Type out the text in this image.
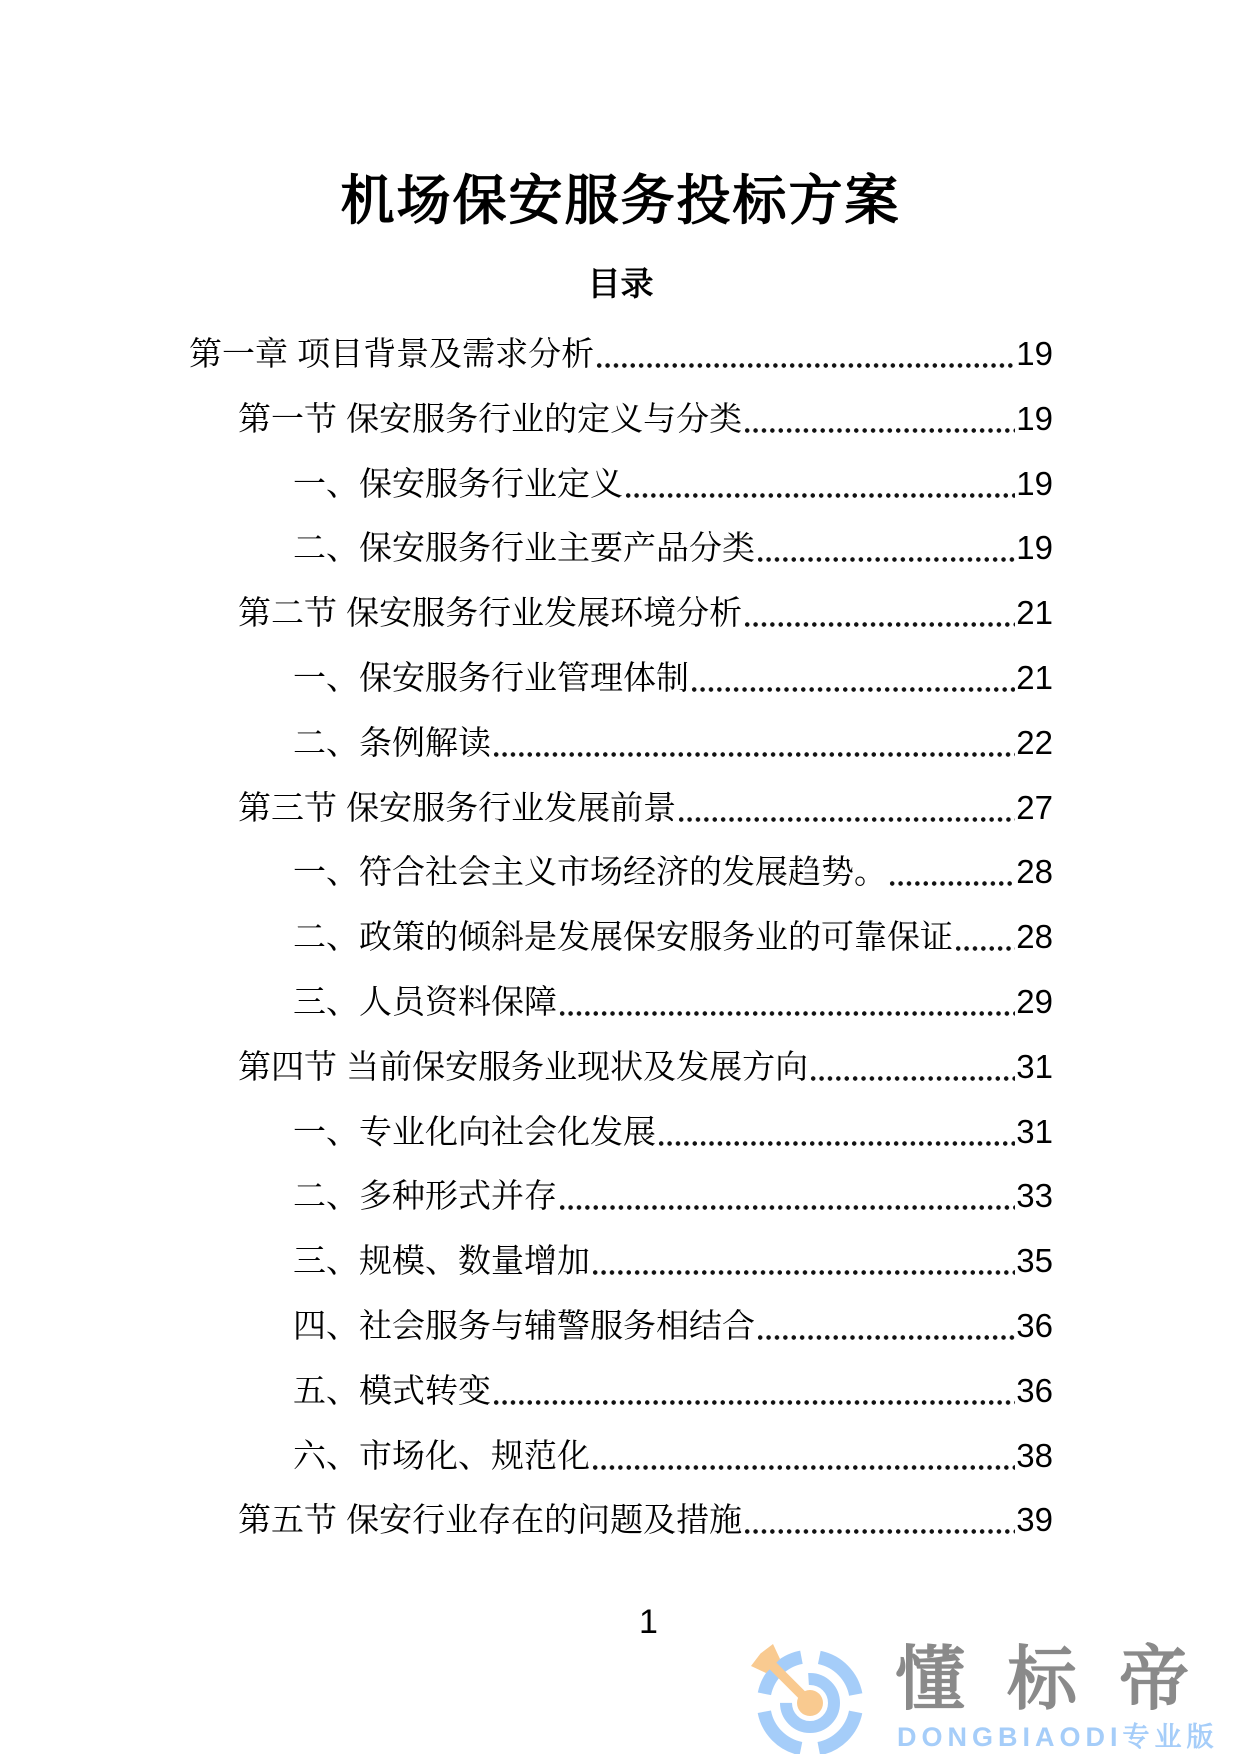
机场保安服务投标方案
目录
第一章 项目背景及需求分析	19
第一节 保安服务行业的定义与分类	19
一、保安服务行业定义	19
二、保安服务行业主要产品分类	19
第二节 保安服务行业发展环境分析	21
一、保安服务行业管理体制	21
二、条例解读	22
第三节 保安服务行业发展前景	27
一、符合社会主义市场经济的发展趋势。	28
二、政策的倾斜是发展保安服务业的可靠保证 28
三、人员资料保障	29
第四节 当前保安服务业现状及发展方向	31
一、专业化向社会化发展	31
二、多种形式并存	33
三、规模、数量增加	35
四、社会服务与辅警服务相结合	36
五、模式转变	36
六、市场化、规范化	38
第五节 保安行业存在的问题及措施	39
1
懂标帝
DONGBIAODI专业版
